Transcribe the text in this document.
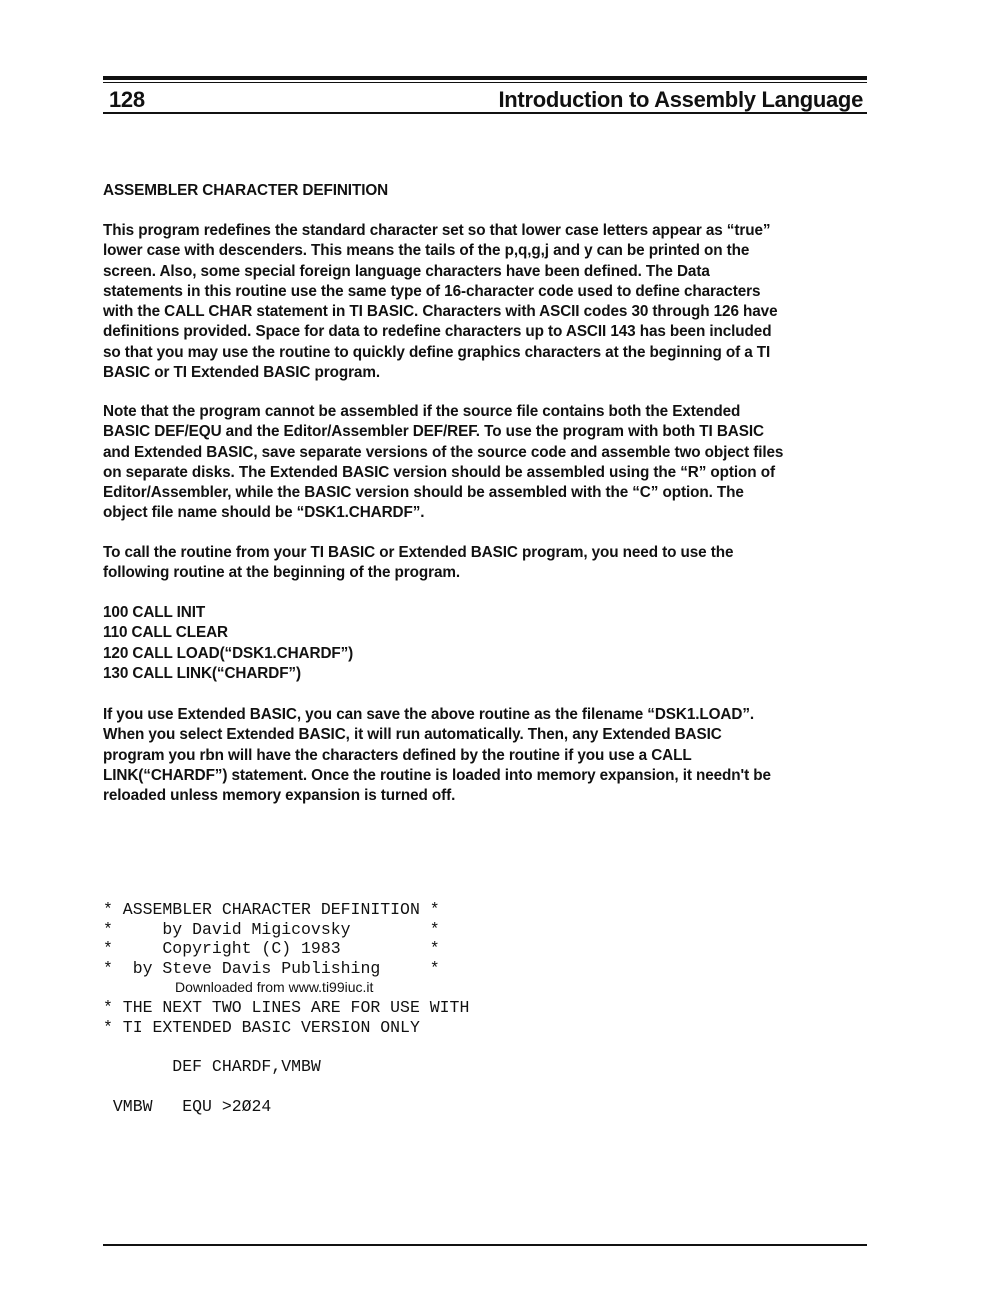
128	Introduction to Assembly Language
ASSEMBLER CHARACTER DEFINITION
This program redefines the standard character set so that lower case letters appear as “true”
lower case with descenders. This means the tails of the p,q,g,j and y can be printed on the
screen. Also, some special foreign language characters have been defined. The Data
statements in this routine use the same type of 16-character code used to define characters
with the CALL CHAR statement in TI BASIC. Characters with ASCII codes 30 through 126 have
definitions provided. Space for data to redefine characters up to ASCII 143 has been included
so that you may use the routine to quickly define graphics characters at the beginning of a TI
BASIC or TI Extended BASIC program.
Note that the program cannot be assembled if the source file contains both the Extended
BASIC DEF/EQU and the Editor/Assembler DEF/REF. To use the program with both TI BASIC
and Extended BASIC, save separate versions of the source code and assemble two object files
on separate disks. The Extended BASIC version should be assembled using the “R” option of
Editor/Assembler, while the BASIC version should be assembled with the “C” option. The
object file name should be “DSK1.CHARDF”.
To call the routine from your TI BASIC or Extended BASIC program, you need to use the
following routine at the beginning of the program.
100 CALL INIT
110 CALL CLEAR
120 CALL LOAD(“DSK1.CHARDF”)
130 CALL LINK(“CHARDF”)
If you use Extended BASIC, you can save the above routine as the filename “DSK1.LOAD”.
When you select Extended BASIC, it will run automatically. Then, any Extended BASIC
program you rbn will have the characters defined by the routine if you use a CALL
LINK(“CHARDF”) statement. Once the routine is loaded into memory expansion, it needn't be
reloaded unless memory expansion is turned off.
* ASSEMBLER CHARACTER DEFINITION *
*     by David Migicovsky        *
*     Copyright (C) 1983         *
*  by Steve Davis Publishing     *
Downloaded from www.ti99iuc.it
* THE NEXT TWO LINES ARE FOR USE WITH
* TI EXTENDED BASIC VERSION ONLY
DEF CHARDF,VMBW
VMBW   EQU >2Ø24
